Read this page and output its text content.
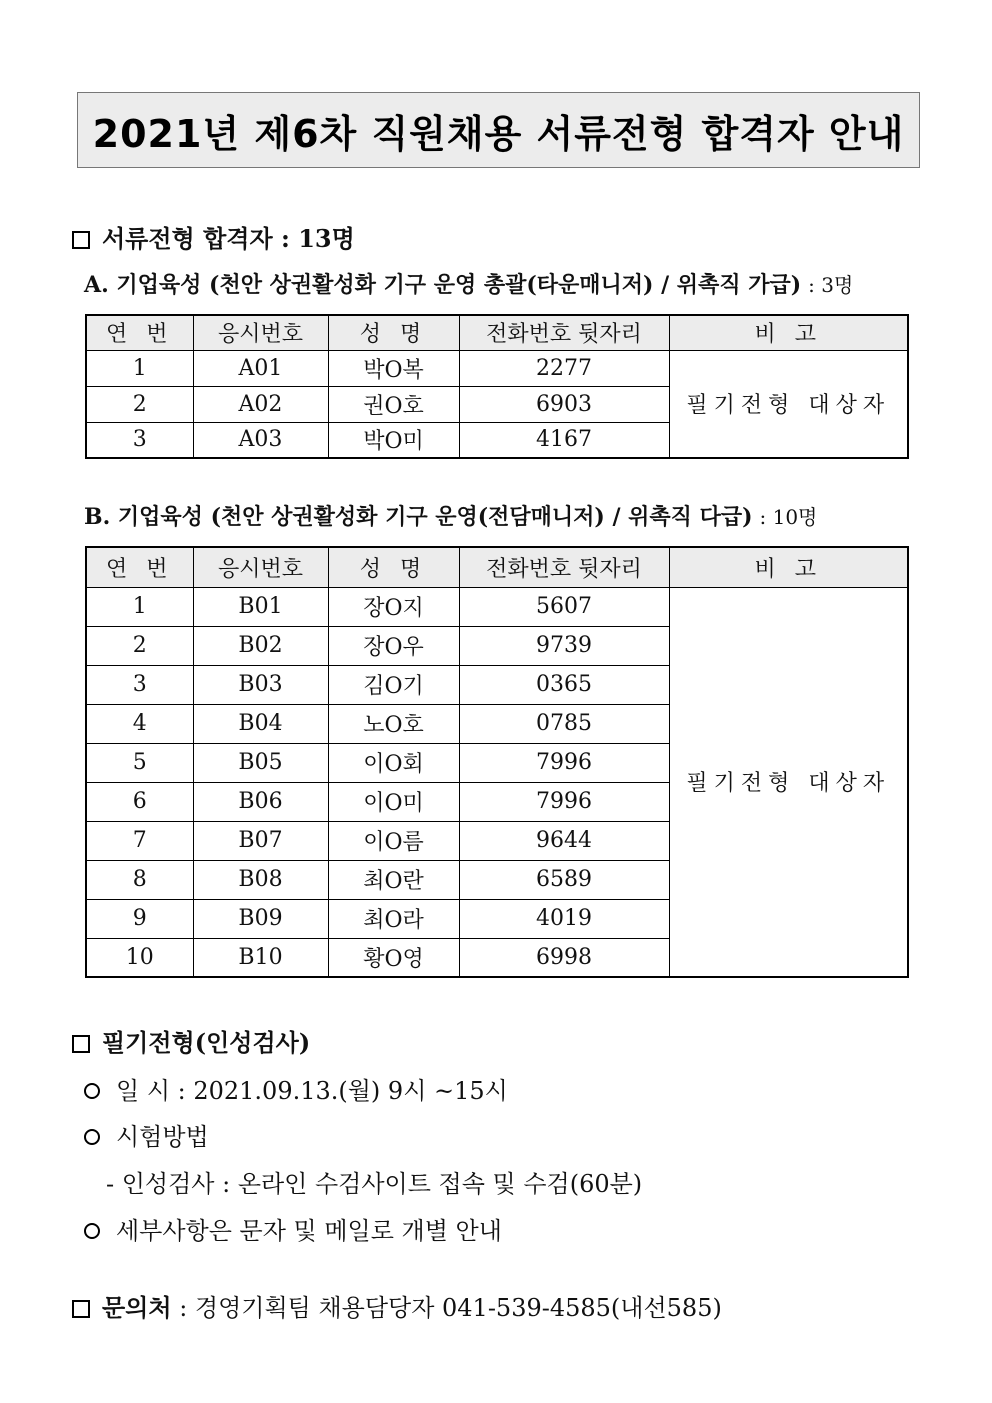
2021년 제6차 직원채용 서류전형 합격자 안내
서류전형 합격자 : 13명
A. 기업육성 (천안 상권활성화 기구 운영 총괄(타운매니저) / 위촉직 가급) : 3명
연 번	응시번호	성 명	전화번호 뒷자리	비 고
1	A01	박O복	2277	필기전형 대상자
2	A02	권O호	6903	
3	A03	박O미	4167	
B. 기업육성 (천안 상권활성화 기구 운영(전담매니저) / 위촉직 다급) : 10명
연 번	응시번호	성 명	전화번호 뒷자리	비 고
1	B01	장O지	5607	필기전형 대상자
2	B02	장O우	9739	
3	B03	김O기	0365	
4	B04	노O호	0785	
5	B05	이O회	7996	
6	B06	이O미	7996	
7	B07	이O름	9644	
8	B08	최O란	6589	
9	B09	최O라	4019	
10	B10	황O영	6998	
필기전형(인성검사)
일 시 : 2021.09.13.(월) 9시 ~15시
시험방법
- 인성검사 : 온라인 수검사이트 접속 및 수검(60분)
세부사항은 문자 및 메일로 개별 안내
문의처 : 경영기획팀 채용담당자 041-539-4585(내선585)
